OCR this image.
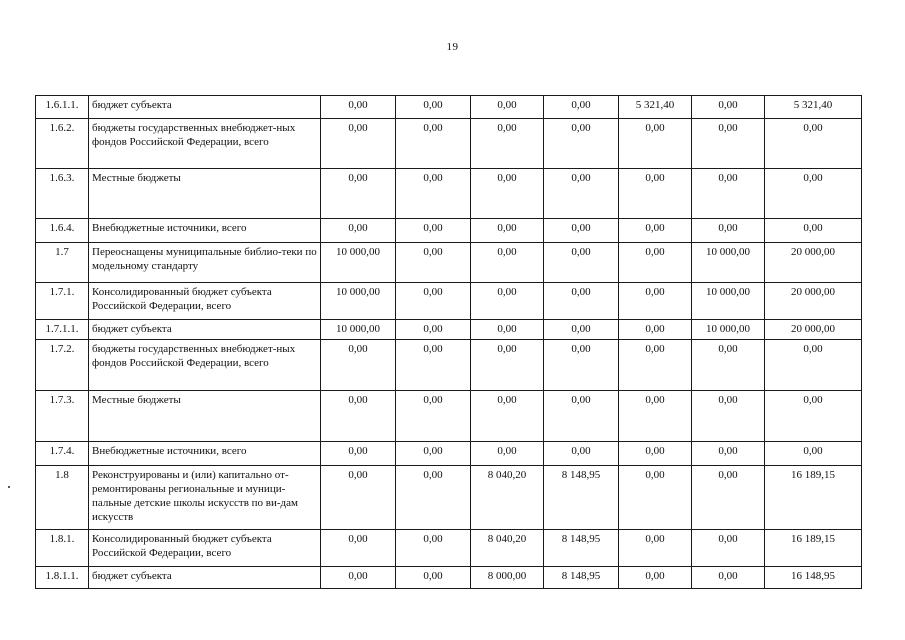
19
1.6.1.1.	бюджет субъекта	0,00	0,00	0,00	0,00	5 321,40	0,00	5 321,40
1.6.2.	бюджеты государственных внебюджет-ных фондов Российской Федерации, всего	0,00	0,00	0,00	0,00	0,00	0,00	0,00
1.6.3.	Местные бюджеты	0,00	0,00	0,00	0,00	0,00	0,00	0,00
1.6.4.	Внебюджетные источники, всего	0,00	0,00	0,00	0,00	0,00	0,00	0,00
1.7	Переоснащены муниципальные библио-теки по модельному стандарту	10 000,00	0,00	0,00	0,00	0,00	10 000,00	20 000,00
1.7.1.	Консолидированный бюджет субъекта Российской Федерации, всего	10 000,00	0,00	0,00	0,00	0,00	10 000,00	20 000,00
1.7.1.1.	бюджет субъекта	10 000,00	0,00	0,00	0,00	0,00	10 000,00	20 000,00
1.7.2.	бюджеты государственных внебюджет-ных фондов Российской Федерации, всего	0,00	0,00	0,00	0,00	0,00	0,00	0,00
1.7.3.	Местные бюджеты	0,00	0,00	0,00	0,00	0,00	0,00	0,00
1.7.4.	Внебюджетные источники, всего	0,00	0,00	0,00	0,00	0,00	0,00	0,00
1.8	Реконструированы и (или) капитально от-ремонтированы региональные и муници-пальные детские школы искусств по ви-дам искусств	0,00	0,00	8 040,20	8 148,95	0,00	0,00	16 189,15
1.8.1.	Консолидированный бюджет субъекта Российской Федерации, всего	0,00	0,00	8 040,20	8 148,95	0,00	0,00	16 189,15
1.8.1.1.	бюджет субъекта	0,00	0,00	8 000,00	8 148,95	0,00	0,00	16 148,95
